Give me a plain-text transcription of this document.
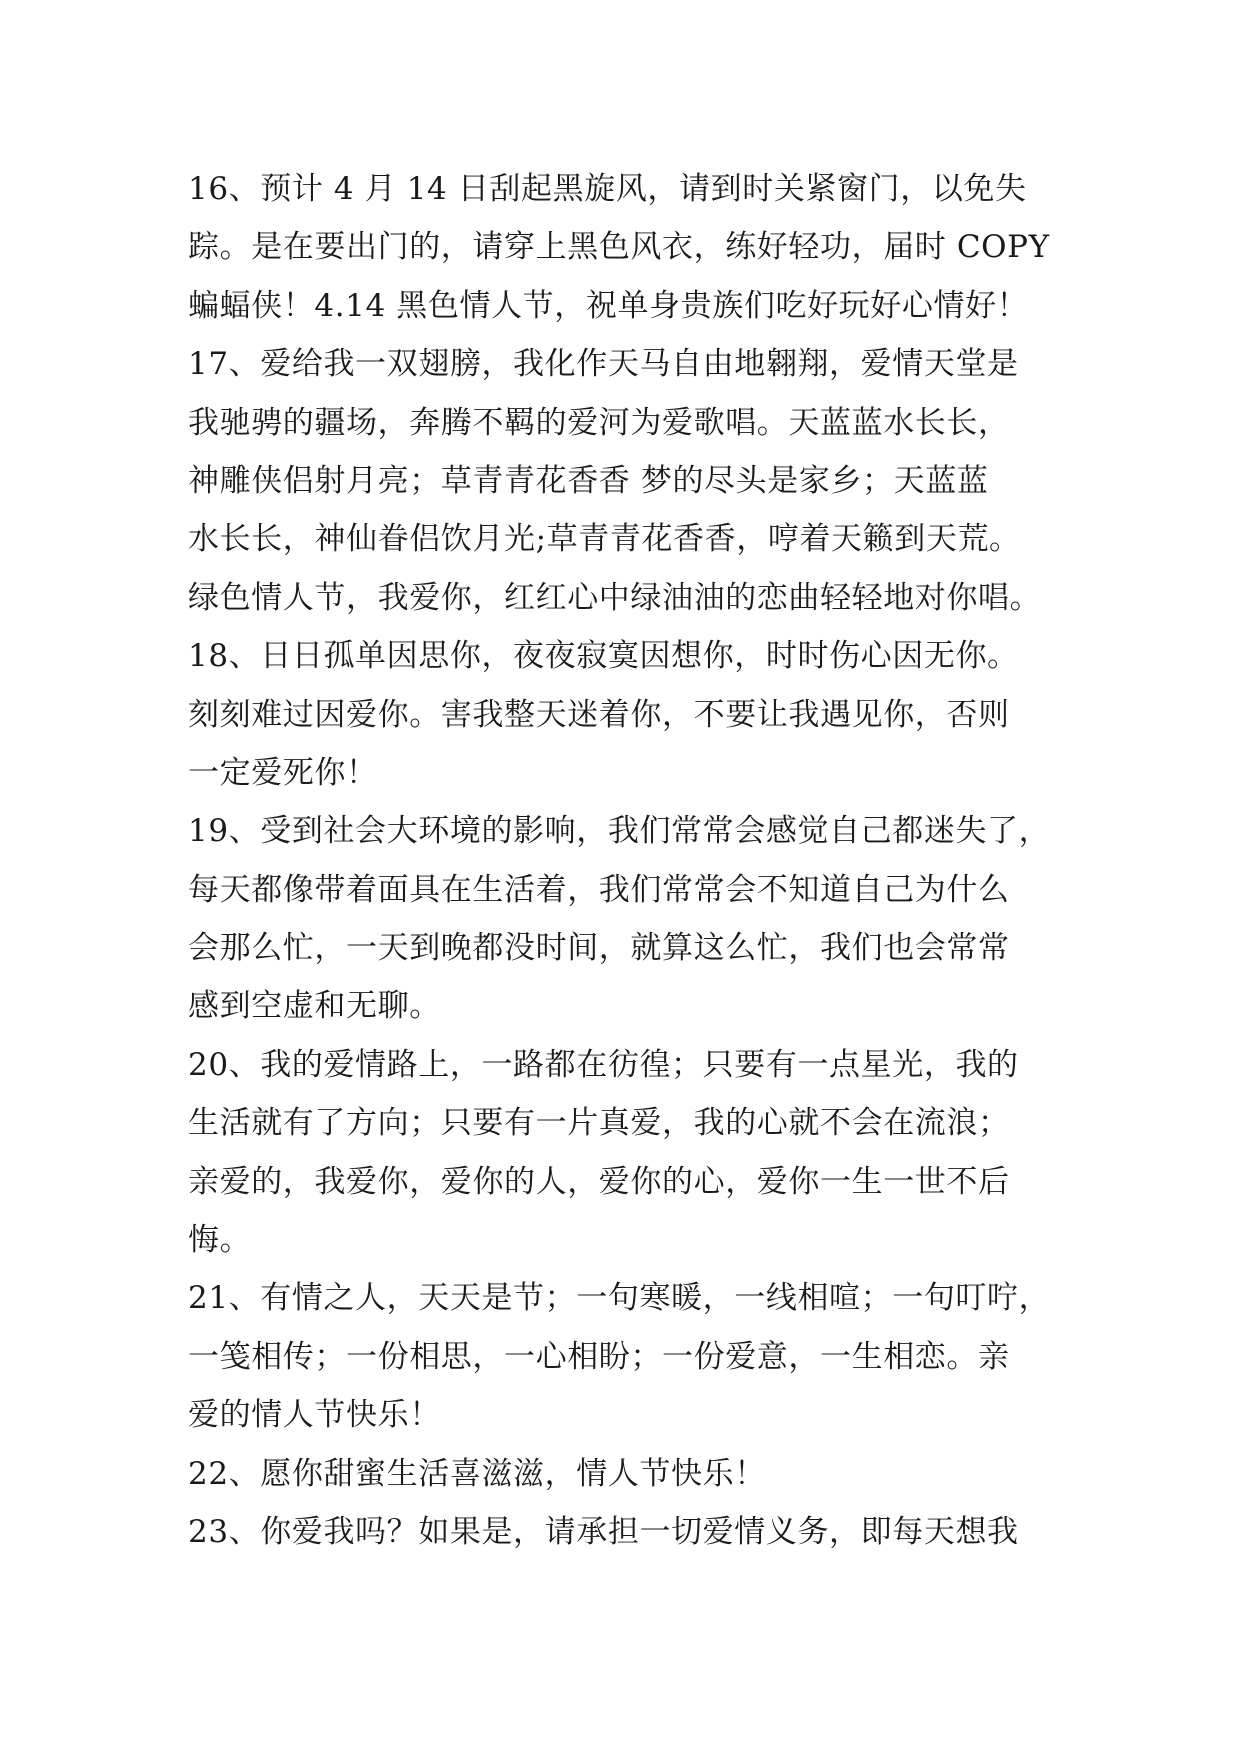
16、预计 4 月 14 日刮起黑旋风，请到时关紧窗门，以免失
踪。是在要出门的，请穿上黑色风衣，练好轻功，届时 COPY
蝙蝠侠！4.14 黑色情人节，祝单身贵族们吃好玩好心情好！
17、爱给我一双翅膀，我化作天马自由地翱翔，爱情天堂是
我驰骋的疆场，奔腾不羁的爱河为爱歌唱。天蓝蓝水长长，
神雕侠侣射月亮；草青青花香香 梦的尽头是家乡；天蓝蓝
水长长，神仙眷侣饮月光;草青青花香香，哼着天籁到天荒。
绿色情人节，我爱你，红红心中绿油油的恋曲轻轻地对你唱。
18、日日孤单因思你，夜夜寂寞因想你，时时伤心因无你。
刻刻难过因爱你。害我整天迷着你，不要让我遇见你，否则
一定爱死你！
19、受到社会大环境的影响，我们常常会感觉自己都迷失了，
每天都像带着面具在生活着，我们常常会不知道自己为什么
会那么忙，一天到晚都没时间，就算这么忙，我们也会常常
感到空虚和无聊。
20、我的爱情路上，一路都在彷徨；只要有一点星光，我的
生活就有了方向；只要有一片真爱，我的心就不会在流浪；
亲爱的，我爱你，爱你的人，爱你的心，爱你一生一世不后
悔。
21、有情之人，天天是节；一句寒暖，一线相喧；一句叮咛，
一笺相传；一份相思，一心相盼；一份爱意，一生相恋。亲
爱的情人节快乐！
22、愿你甜蜜生活喜滋滋，情人节快乐！
23、你爱我吗？如果是，请承担一切爱情义务，即每天想我
